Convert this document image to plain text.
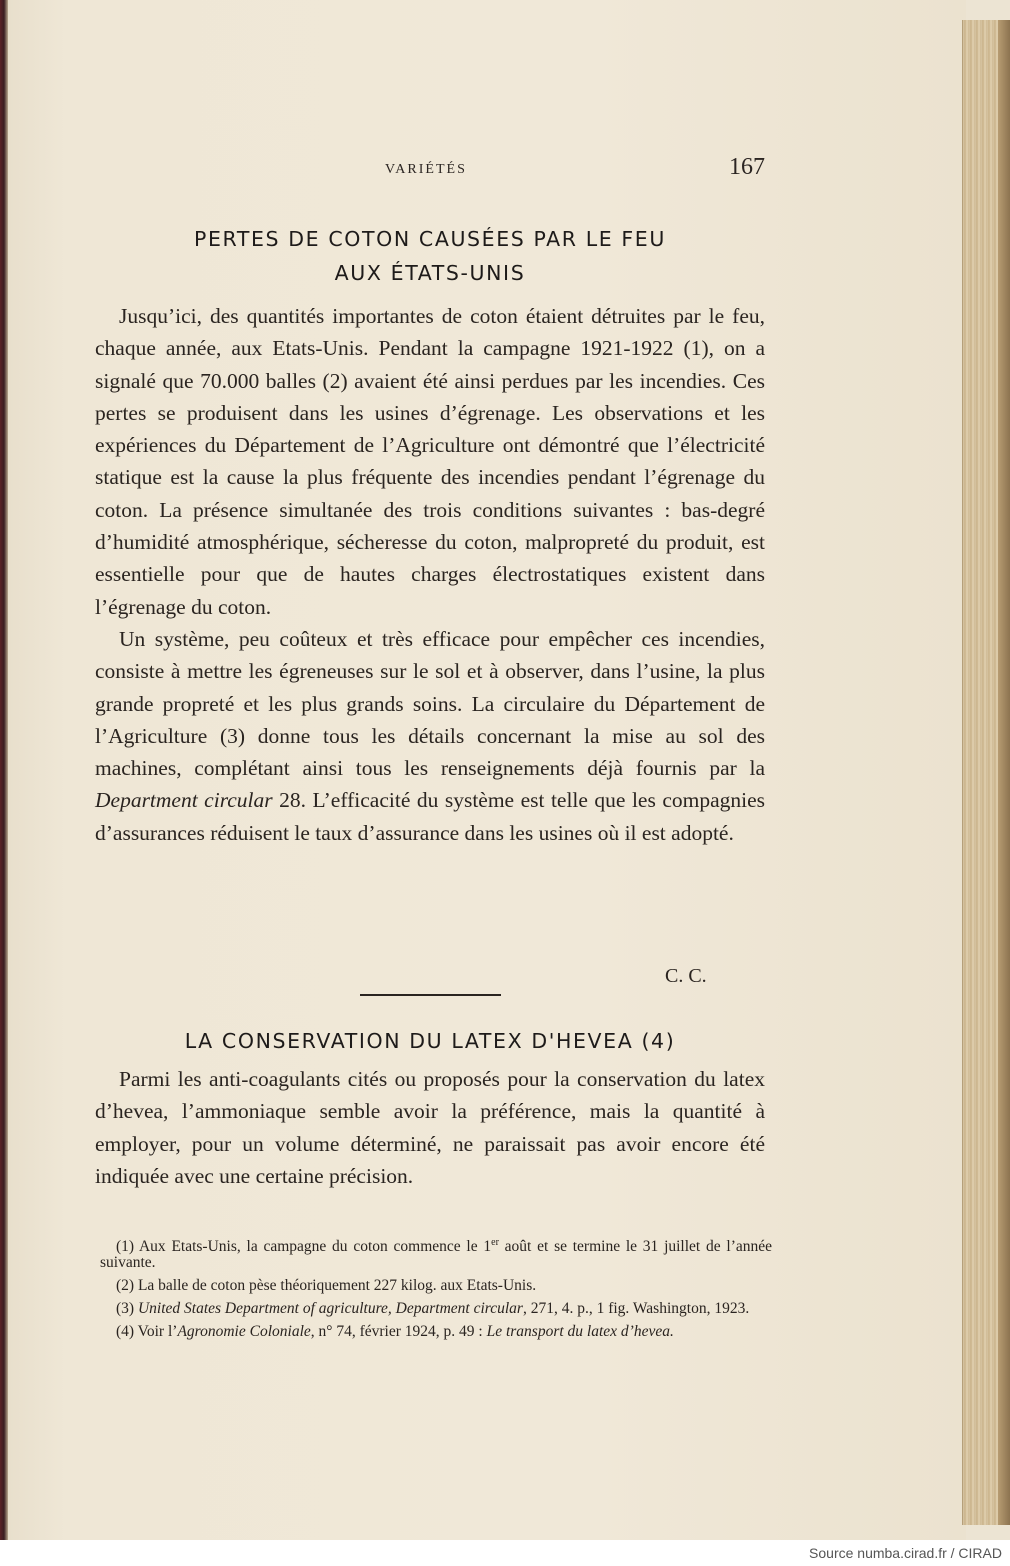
VARIÉTÉS	167
PERTES DE COTON CAUSÉES PAR LE FEU
AUX ÉTATS-UNIS

Jusqu’ici, des quantités importantes de coton étaient détruites par le feu, chaque année, aux Etats-Unis. Pendant la campagne 1921-1922 (1), on a signalé que 70.000 balles (2) avaient été ainsi perdues par les incendies. Ces pertes se produisent dans les usines d’égrenage. Les observations et les expériences du Département de l’Agriculture ont démontré que l’électricité statique est la cause la plus fréquente des incendies pendant l’égrenage du coton. La présence simultanée des trois conditions suivantes : bas-degré d’humidité atmosphérique, sécheresse du coton, malpropreté du produit, est essentielle pour que de hautes charges électrostatiques existent dans l’égrenage du coton.

Un système, peu coûteux et très efficace pour empêcher ces incendies, consiste à mettre les égreneuses sur le sol et à observer, dans l’usine, la plus grande propreté et les plus grands soins. La circulaire du Département de l’Agriculture (3) donne tous les détails concernant la mise au sol des machines, complétant ainsi tous les renseignements déjà fournis par la Department circular 28. L’efficacité du système est telle que les compagnies d’assurances réduisent le taux d’assurance dans les usines où il est adopté.

C. C.
LA CONSERVATION DU LATEX D'HEVEA (4)

Parmi les anti-coagulants cités ou proposés pour la conservation du latex d’hevea, l’ammoniaque semble avoir la préférence, mais la quantité à employer, pour un volume déterminé, ne paraissait pas avoir encore été indiquée avec une certaine précision.

(1) Aux Etats-Unis, la campagne du coton commence le 1er août et se termine le 31 juillet de l’année suivante.

(2) La balle de coton pèse théoriquement 227 kilog. aux Etats-Unis.

(3) United States Department of agriculture, Department circular, 271, 4. p., 1 fig. Washington, 1923.

(4) Voir l’Agronomie Coloniale, n° 74, février 1924, p. 49 : Le transport du latex d’hevea.

Source numba.cirad.fr / CIRAD
